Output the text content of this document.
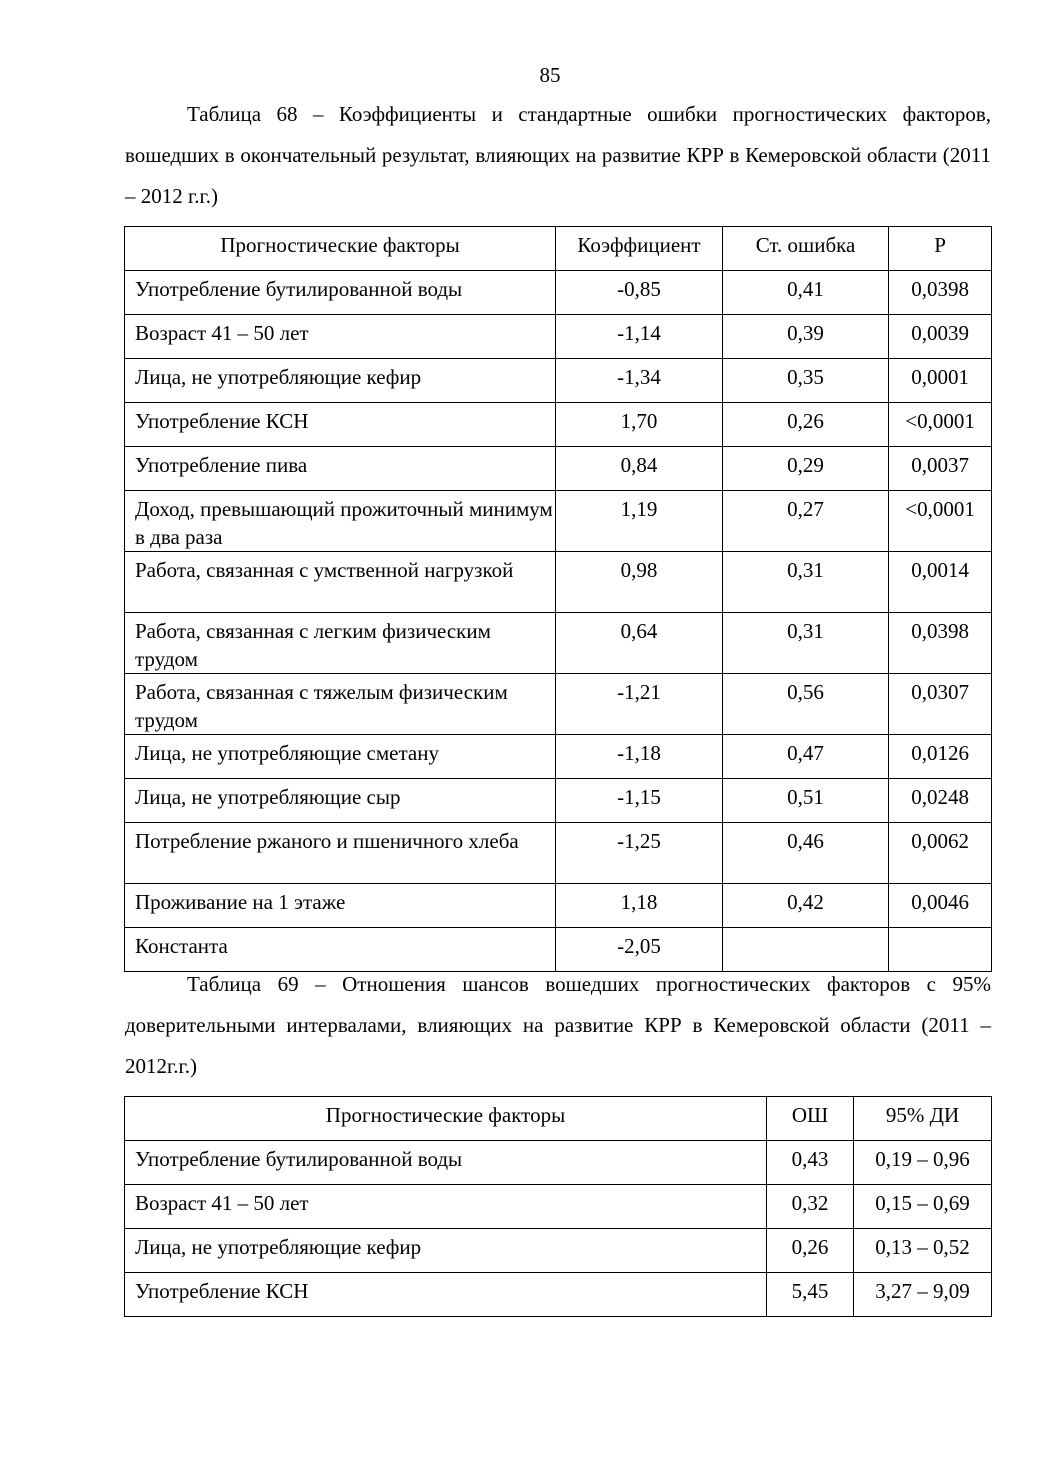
85
Таблица 68 – Коэффициенты и стандартные ошибки прогностических факторов, вошедших в окончательный результат, влияющих на развитие КРР в Кемеровской области (2011 – 2012 г.г.)
Прогностические факторы	Коэффициент	Ст. ошибка	P
Употребление бутилированной воды	-0,85	0,41	0,0398
Возраст 41 – 50 лет	-1,14	0,39	0,0039
Лица, не употребляющие кефир	-1,34	0,35	0,0001
Употребление КСН	1,70	0,26	<0,0001
Употребление пива	0,84	0,29	0,0037
Доход, превышающий прожиточный минимум в два раза	1,19	0,27	<0,0001
Работа, связанная с умственной нагрузкой	0,98	0,31	0,0014
Работа, связанная с легким физическим трудом	0,64	0,31	0,0398
Работа, связанная с тяжелым физическим трудом	-1,21	0,56	0,0307
Лица, не употребляющие сметану	-1,18	0,47	0,0126
Лица, не употребляющие сыр	-1,15	0,51	0,0248
Потребление ржаного и пшеничного хлеба	-1,25	0,46	0,0062
Проживание на 1 этаже	1,18	0,42	0,0046
Константа	-2,05		
Таблица 69 – Отношения шансов вошедших прогностических факторов с 95% доверительными интервалами, влияющих на развитие КРР в Кемеровской области (2011 – 2012г.г.)
Прогностические факторы	ОШ	95% ДИ
Употребление бутилированной воды	0,43	0,19 – 0,96
Возраст 41 – 50 лет	0,32	0,15 – 0,69
Лица, не употребляющие кефир	0,26	0,13 – 0,52
Употребление КСН	5,45	3,27 – 9,09
